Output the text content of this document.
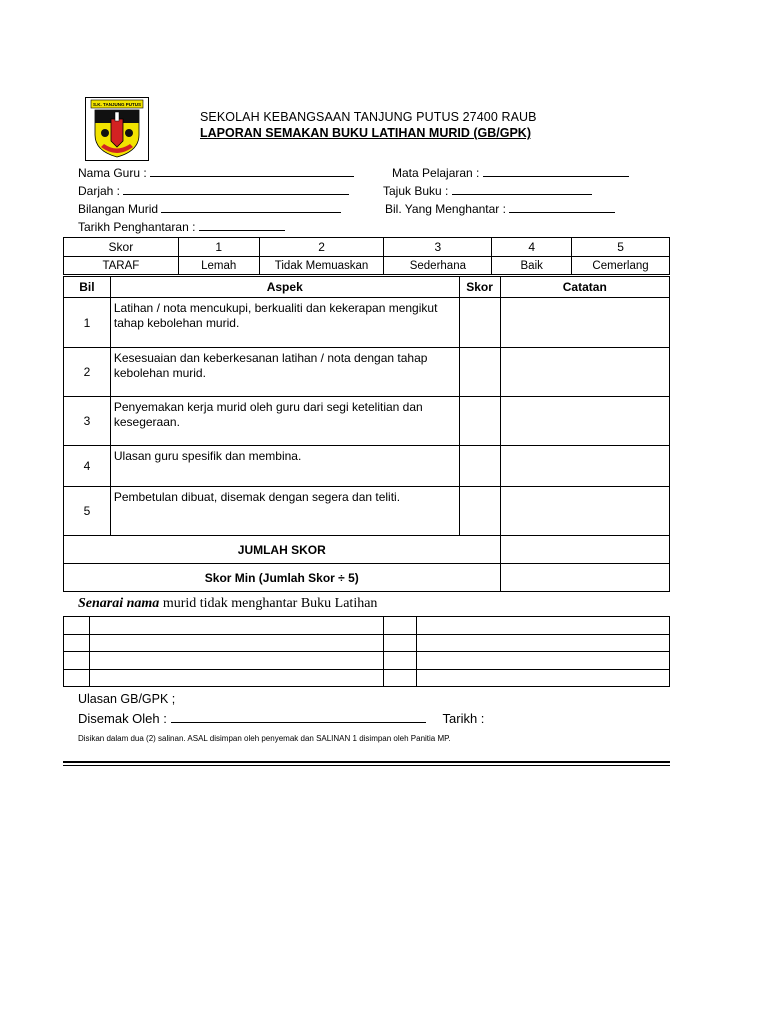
S.K. TANJUNG PUTUS
SEKOLAH KEBANGSAAN TANJUNG PUTUS 27400 RAUB
LAPORAN SEMAKAN BUKU LATIHAN MURID (GB/GPK)
Nama Guru :	Mata Pelajaran :
Darjah :	Tajuk Buku :
Bilangan Murid	Bil. Yang Menghantar :
Tarikh Penghantaran :
Skor	1	2	3	4	5
TARAF	Lemah	Tidak Memuaskan	Sederhana	Baik	Cemerlang
Bil	Aspek	Skor	Catatan
1	Latihan / nota mencukupi, berkualiti dan kekerapan mengikut tahap kebolehan murid.		
2	Kesesuaian dan keberkesanan latihan / nota dengan tahap kebolehan murid.		
3	Penyemakan kerja murid oleh guru dari segi ketelitian dan kesegeraan.		
4	Ulasan guru spesifik dan membina.		
5	Pembetulan dibuat, disemak dengan segera dan teliti.		
JUMLAH SKOR			
Skor Min (Jumlah Skor ÷ 5)			
Senarai nama murid tidak menghantar Buku Latihan

Ulasan GB/GPK ;
Disemak Oleh :	Tarikh :
Disikan dalam dua (2) salinan. ASAL disimpan oleh penyemak dan SALINAN 1 disimpan oleh Panitia MP.
